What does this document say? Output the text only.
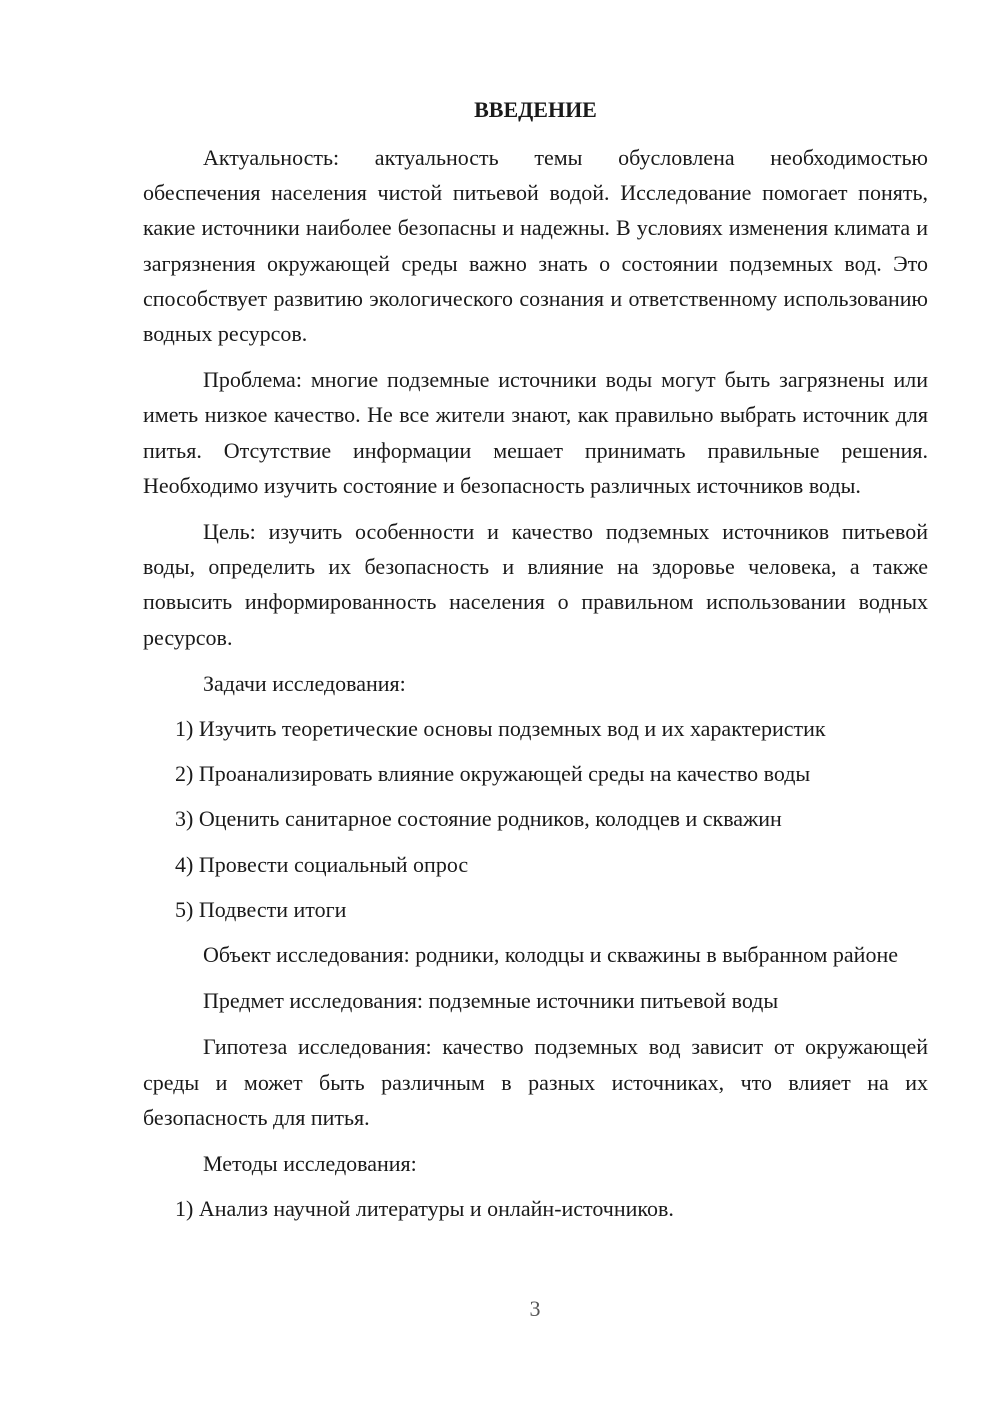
ВВЕДЕНИЕ

Актуальность: актуальность темы обусловлена необходимостью обеспечения населения чистой питьевой водой. Исследование помогает понять, какие источники наиболее безопасны и надежны. В условиях изменения климата и загрязнения окружающей среды важно знать о состоянии подземных вод. Это способствует развитию экологического сознания и ответственному использованию водных ресурсов.

Проблема: многие подземные источники воды могут быть загрязнены или иметь низкое качество. Не все жители знают, как правильно выбрать источник для питья. Отсутствие информации мешает принимать правильные решения. Необходимо изучить состояние и безопасность различных источников воды.

Цель: изучить особенности и качество подземных источников питьевой воды, определить их безопасность и влияние на здоровье человека, а также повысить информированность населения о правильном использовании водных ресурсов.

Задачи исследования:

1) Изучить теоретические основы подземных вод и их характеристик

2) Проанализировать влияние окружающей среды на качество воды

3) Оценить санитарное состояние родников, колодцев и скважин

4) Провести социальный опрос

5) Подвести итоги

Объект исследования: родники, колодцы и скважины в выбранном районе

Предмет исследования: подземные источники питьевой воды

Гипотеза исследования: качество подземных вод зависит от окружающей среды и может быть различным в разных источниках, что влияет на их безопасность для питья.

Методы исследования:

1) Анализ научной литературы и онлайн-источников.

3
